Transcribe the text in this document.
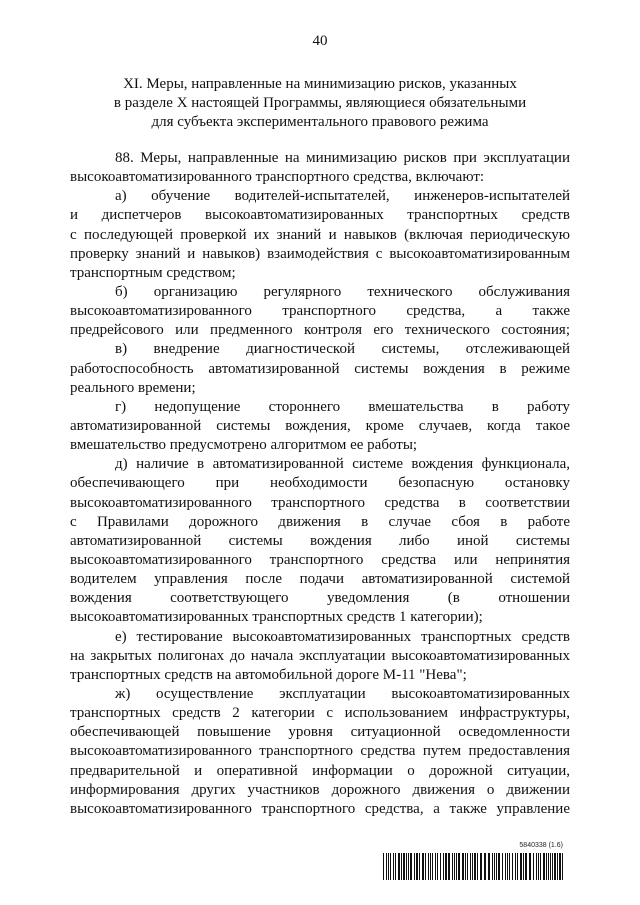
40
XI. Меры, направленные на минимизацию рисков, указанных
в разделе X настоящей Программы, являющиеся обязательными
для субъекта экспериментального правового режима
88. Меры, направленные на минимизацию рисков при эксплуатации
высокоавтоматизированного транспортного средства, включают:
а) обучение водителей-испытателей, инженеров-испытателей
и диспетчеров высокоавтоматизированных транспортных средств
с последующей проверкой их знаний и навыков (включая периодическую
проверку знаний и навыков) взаимодействия с высокоавтоматизированным
транспортным средством;
б) организацию регулярного технического обслуживания
высокоавтоматизированного транспортного средства, а также
предрейсового или предменного контроля его технического состояния;
в) внедрение диагностической системы, отслеживающей
работоспособность автоматизированной системы вождения в режиме
реального времени;
г) недопущение стороннего вмешательства в работу
автоматизированной системы вождения, кроме случаев, когда такое
вмешательство предусмотрено алгоритмом ее работы;
д) наличие в автоматизированной системе вождения функционала,
обеспечивающего при необходимости безопасную остановку
высокоавтоматизированного транспортного средства в соответствии
с Правилами дорожного движения в случае сбоя в работе
автоматизированной системы вождения либо иной системы
высокоавтоматизированного транспортного средства или непринятия
водителем управления после подачи автоматизированной системой
вождения соответствующего уведомления (в отношении
высокоавтоматизированных транспортных средств 1 категории);
е) тестирование высокоавтоматизированных транспортных средств
на закрытых полигонах до начала эксплуатации высокоавтоматизированных
транспортных средств на автомобильной дороге М-11 "Нева";
ж) осуществление эксплуатации высокоавтоматизированных
транспортных средств 2 категории с использованием инфраструктуры,
обеспечивающей повышение уровня ситуационной осведомленности
высокоавтоматизированного транспортного средства путем предоставления
предварительной и оперативной информации о дорожной ситуации,
информирования других участников дорожного движения о движении
высокоавтоматизированного транспортного средства, а также управление
5840338 (1.6)
